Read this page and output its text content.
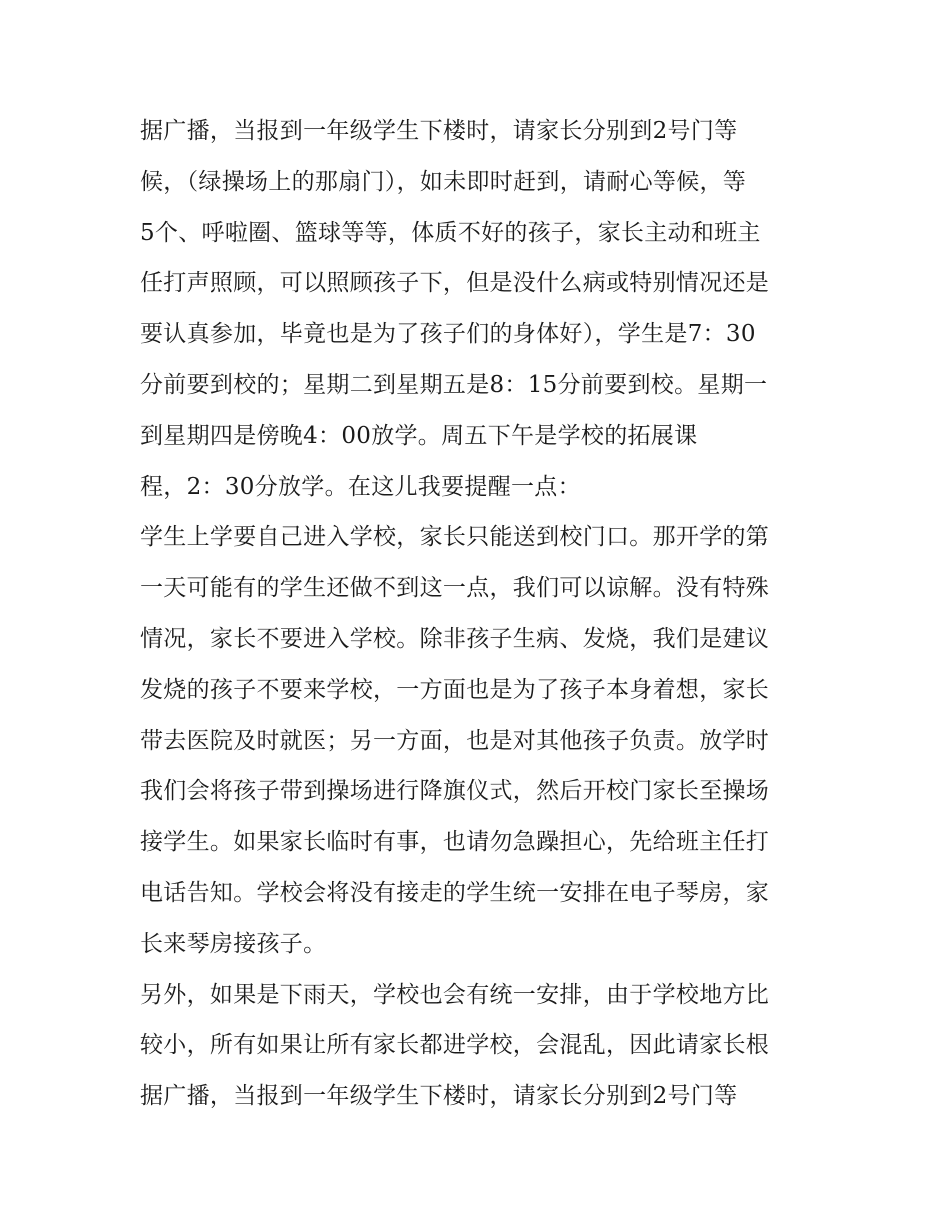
据广播，当报到一年级学生下楼时，请家长分别到2号门等
候，（绿操场上的那扇门），如未即时赶到，请耐心等候，等
5个、呼啦圈、篮球等等，体质不好的孩子，家长主动和班主
任打声照顾，可以照顾孩子下，但是没什么病或特别情况还是
要认真参加，毕竟也是为了孩子们的身体好），学生是7：30
分前要到校的；星期二到星期五是8：15分前要到校。星期一
到星期四是傍晚4：00放学。周五下午是学校的拓展课
程，2：30分放学。在这儿我要提醒一点：
学生上学要自己进入学校，家长只能送到校门口。那开学的第
一天可能有的学生还做不到这一点，我们可以谅解。没有特殊
情况，家长不要进入学校。除非孩子生病、发烧，我们是建议
发烧的孩子不要来学校，一方面也是为了孩子本身着想，家长
带去医院及时就医；另一方面，也是对其他孩子负责。放学时
我们会将孩子带到操场进行降旗仪式，然后开校门家长至操场
接学生。如果家长临时有事，也请勿急躁担心，先给班主任打
电话告知。学校会将没有接走的学生统一安排在电子琴房，家
长来琴房接孩子。
另外，如果是下雨天，学校也会有统一安排，由于学校地方比
较小，所有如果让所有家长都进学校，会混乱，因此请家长根
据广播，当报到一年级学生下楼时，请家长分别到2号门等
